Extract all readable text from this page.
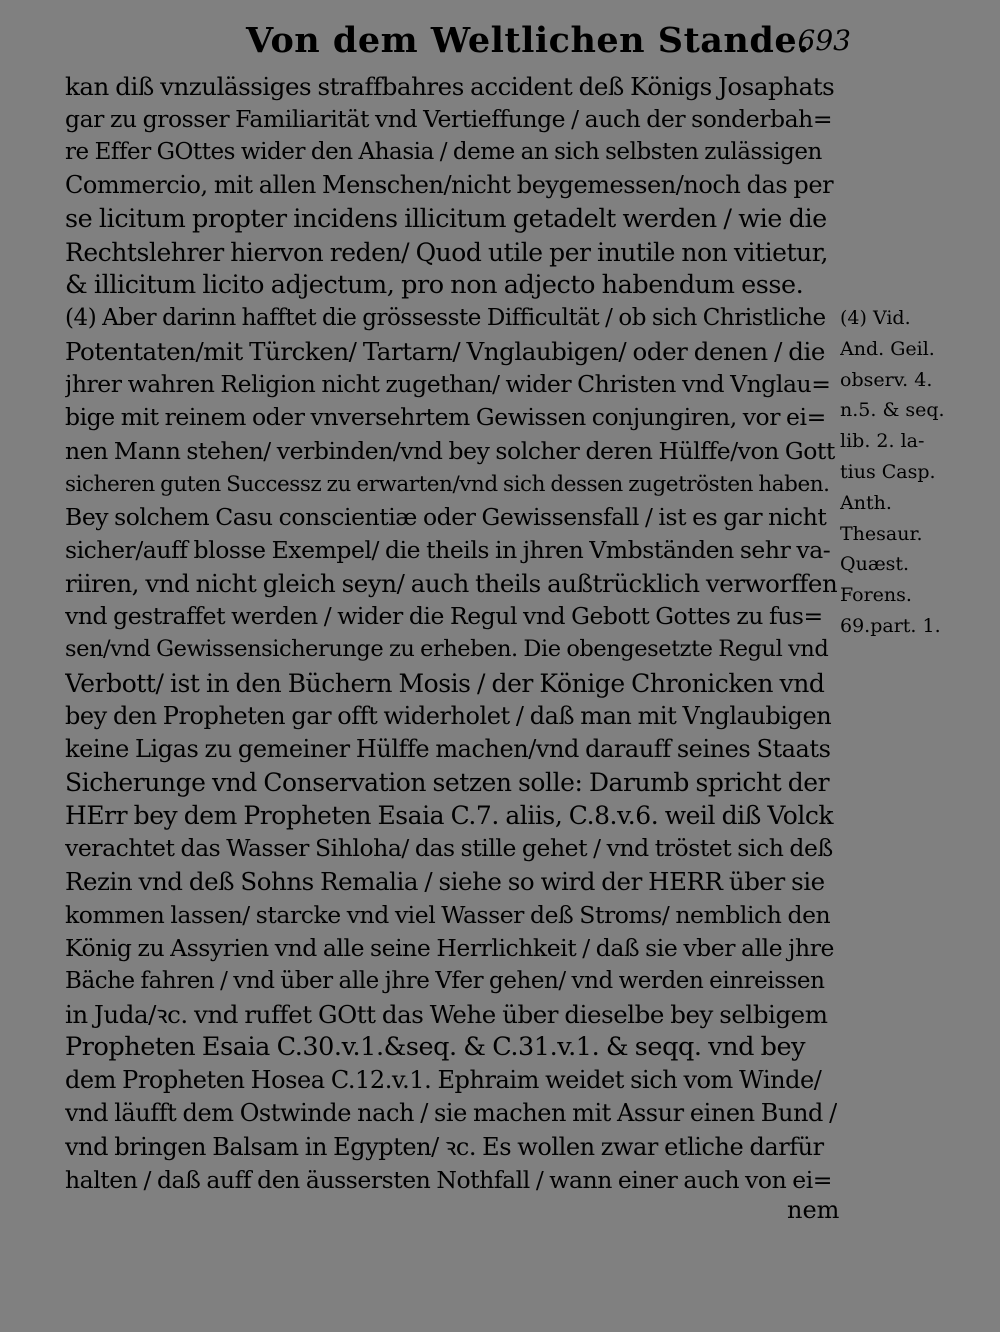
Von dem Weltlichen Stande.
693
kan diß vnzulässiges straffbahres accident deß Königs Josaphats
gar zu grosser Familiarität vnd Vertieffunge / auch der sonderbah=
re Effer GOttes wider den Ahasia / deme an sich selbsten zulässigen
Commercio, mit allen Menschen/nicht beygemessen/noch das per
se licitum propter incidens illicitum getadelt werden / wie die
Rechtslehrer hiervon reden/ Quod utile per inutile non vitietur,
& illicitum licito adjectum, pro non adjecto habendum esse.
(4) Aber darinn hafftet die grössesste Difficultät / ob sich Christliche
Potentaten/mit Türcken/ Tartarn/ Vnglaubigen/ oder denen / die
jhrer wahren Religion nicht zugethan/ wider Christen vnd Vnglau=
bige mit reinem oder vnversehrtem Gewissen conjungiren, vor ei=
nen Mann stehen/ verbinden/vnd bey solcher deren Hülffe/von Gott
sicheren guten Successz zu erwarten/vnd sich dessen zugetrösten haben.
Bey solchem Casu conscientiæ oder Gewissensfall / ist es gar nicht
sicher/auff blosse Exempel/ die theils in jhren Vmbständen sehr va-
riiren, vnd nicht gleich seyn/ auch theils außtrücklich verworffen
vnd gestraffet werden / wider die Regul vnd Gebott Gottes zu fus=
sen/vnd Gewissensicherunge zu erheben. Die obengesetzte Regul vnd
Verbott/ ist in den Büchern Mosis / der Könige Chronicken vnd
bey den Propheten gar offt widerholet / daß man mit Vnglaubigen
keine Ligas zu gemeiner Hülffe machen/vnd darauff seines Staats
Sicherunge vnd Conservation setzen solle: Darumb spricht der
HErr bey dem Propheten Esaia C.7. aliis, C.8.v.6. weil diß Volck
verachtet das Wasser Sihloha/ das stille gehet / vnd tröstet sich deß
Rezin vnd deß Sohns Remalia / siehe so wird der HERR über sie
kommen lassen/ starcke vnd viel Wasser deß Stroms/ nemblich den
König zu Assyrien vnd alle seine Herrlichkeit / daß sie vber alle jhre
Bäche fahren / vnd über alle jhre Vfer gehen/ vnd werden einreissen
in Juda/ꝛc. vnd ruffet GOtt das Wehe über dieselbe bey selbigem
Propheten Esaia C.30.v.1.&seq. & C.31.v.1. & seqq. vnd bey
dem Propheten Hosea C.12.v.1. Ephraim weidet sich vom Winde/
vnd läufft dem Ostwinde nach / sie machen mit Assur einen Bund /
vnd bringen Balsam in Egypten/ ꝛc. Es wollen zwar etliche darfür
halten / daß auff den äussersten Nothfall / wann einer auch von ei=
(4) Vid.
And. Geil.
observ. 4.
n.5. & seq.
lib. 2. la-
tius Casp.
Anth.
Thesaur.
Quæst.
Forens.
69.part. 1.
nem
